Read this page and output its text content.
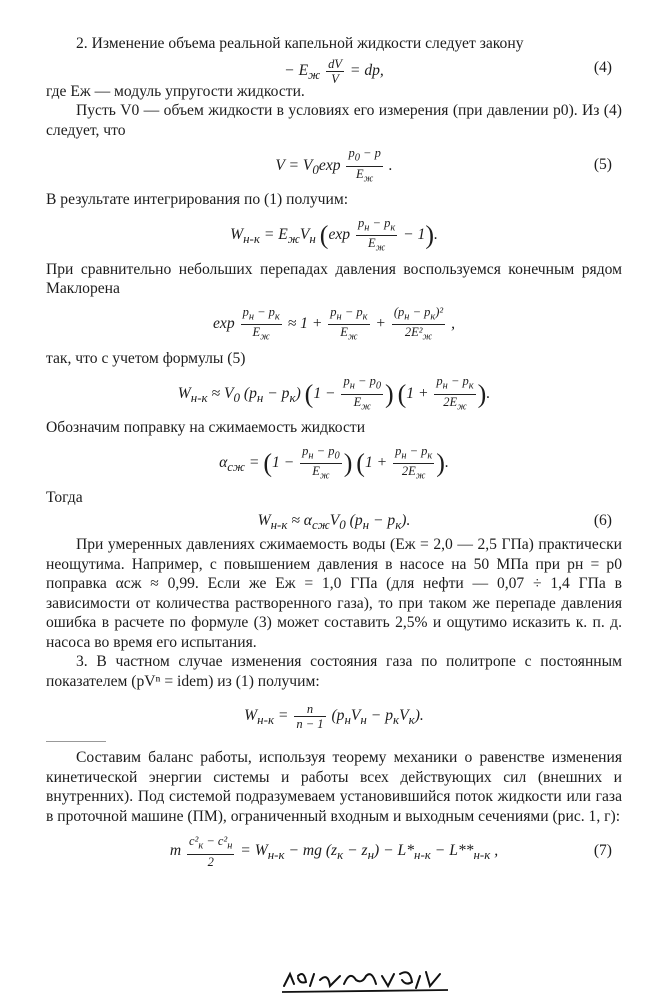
2. Изменение объема реальной капельной жидкости следует закону

− $E_ж \frac{dV}{V}$ = dp,	(4)

где Eж — модуль упругости жидкости.

Пусть V0 — объем жидкости в условиях его измерения (при давлении p0). Из (4) следует, что

$V = V_0\exp \frac{p_0 - p}{E_ж}$ .	(5)

В результате интегрирования по (1) получим:

$W_{н-к} = E_жV_н$ $(\exp \frac{p_н - p_к}{E_ж} - 1)$.

При сравнительно небольших перепадах давления воспользуемся конечным рядом Маклорена

$\exp \frac{p_н - p_к}{E_ж} \approx 1 + \frac{p_н - p_к}{E_ж} + \frac{(p_н - p_к)^2}{2E^2_ж}$ ,

так, что с учетом формулы (5)

$W_{н-к} \approx V_0$ $(p_н - p_к) (1 - \frac{p_н - p_0}{E_ж}$ ) ($1 + \frac{p_н - p_к}{2E_ж}$ ).

Обозначим поправку на сжимаемость жидкости

$\alpha_{сж} = (1 - \frac{p_н - p_0}{E_ж}$ ) ($1 + \frac{p_н - p_к}{2E_ж}$ ).

Тогда

$W_{н-к} \approx \alpha_{сж}V_0$ $(p_н - p_к)$.	(6)

При умеренных давлениях сжимаемость воды (Eж = 2,0 — 2,5 ГПа) практически неощутима. Например, с повышением давления в насосе на 50 МПа при pн = p0 поправка αсж ≈ 0,99. Если же Eж = 1,0 ГПа (для нефти — 0,07 ÷ 1,4 ГПа в зависимости от количества растворенного газа), то при таком же перепаде давления ошибка в расчете по формуле (3) может составить 2,5% и ощутимо исказить к. п. д. насоса во время его испытания.

3. В частном случае изменения состояния газа по политропе с постоянным показателем (pVⁿ = idem) из (1) получим:

$W_{н-к} = \frac{n}{n - 1} (p_нV_н - p_кV_к)$.

Составим баланс работы, используя теорему механики о равенстве изменения кинетической энергии системы и работы всех действующих сил (внешних и внутренних). Под системой подразумеваем установившийся поток жидкости или газа в проточной машине (ПМ), ограниченный входным и выходным сечениями (рис. 1, г):

m $\frac{c^2_к - c^2_н}{2} = W_{н-к}$ − mg $(z_к - z_н) - L*_{н-к} - L**_{н-к}$ ,	(7)
